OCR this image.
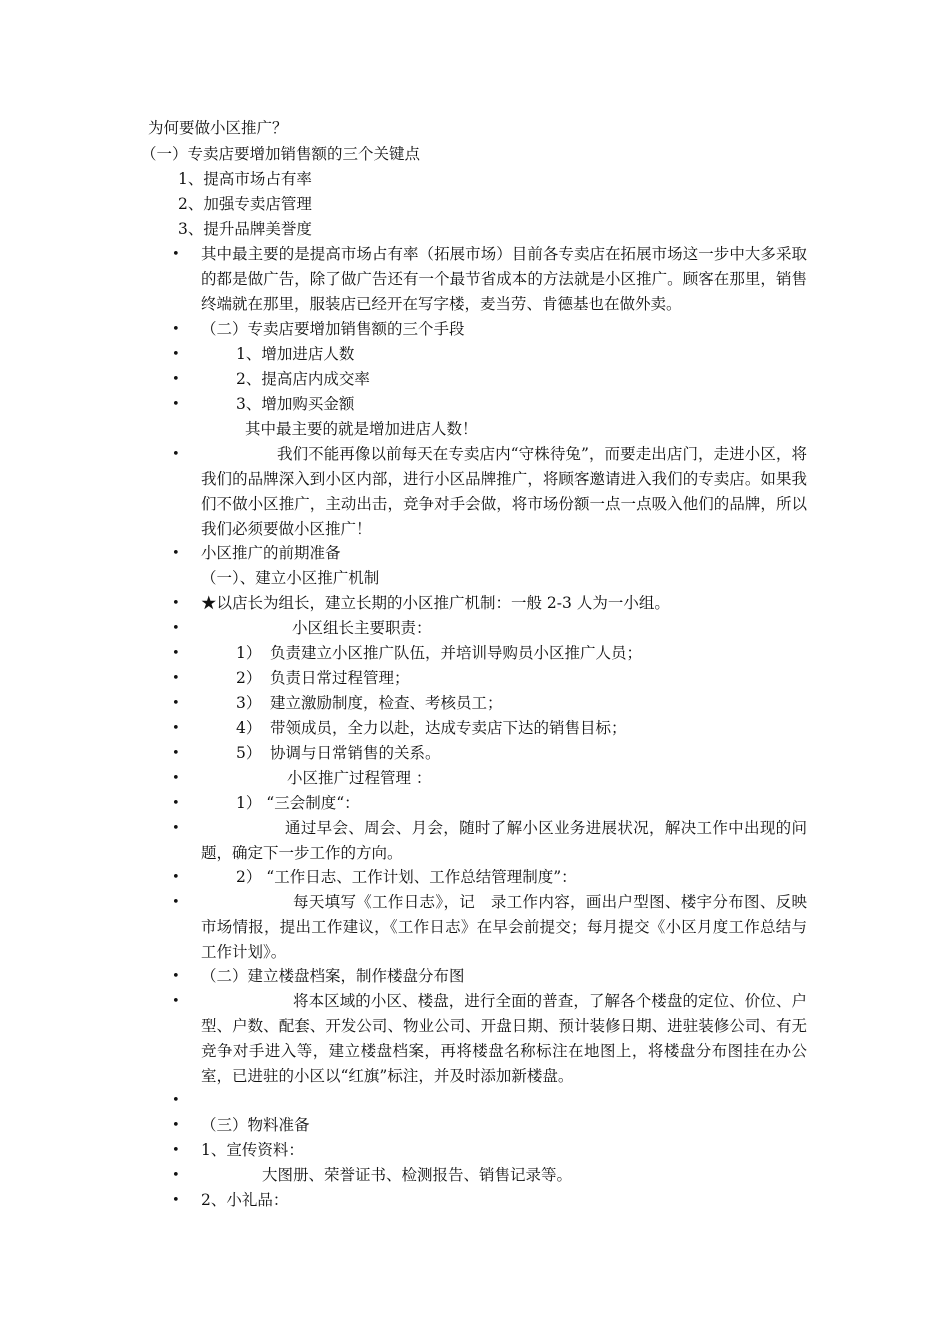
为何要做小区推广？
（一）专卖店要增加销售额的三个关键点
1、提高市场占有率
2、加强专卖店管理
3、提升品牌美誉度
• 其中最主要的是提高市场占有率（拓展市场）目前各专卖店在拓展市场这一步中大多采取的都是做广告，除了做广告还有一个最节省成本的方法就是小区推广。顾客在那里，销售终端就在那里，服装店已经开在写字楼，麦当劳、肯德基也在做外卖。
• （二）专卖店要增加销售额的三个手段
•	1、增加进店人数
•	2、提高店内成交率
•	3、增加购买金额
其中最主要的就是增加进店人数！
•	我们不能再像以前每天在专卖店内“守株待兔”，而要走出店门，走进小区，将我们的品牌深入到小区内部，进行小区品牌推广，将顾客邀请进入我们的专卖店。如果我们不做小区推广，主动出击，竞争对手会做，将市场份额一点一点吸入他们的品牌，所以我们必须要做小区推广！
• 小区推广的前期准备
（一）、建立小区推广机制
• ★以店长为组长，建立长期的小区推广机制：一般 2-3 人为一小组。
•	小区组长主要职责：
•	1） 负责建立小区推广队伍，并培训导购员小区推广人员；
•	2） 负责日常过程管理；
•	3） 建立激励制度，检查、考核员工；
•	4） 带领成员，全力以赴，达成专卖店下达的销售目标；
•	5） 协调与日常销售的关系。
•	小区推广过程管理 ：
•	1） “三会制度“：
•	通过早会、周会、月会，随时了解小区业务进展状况，解决工作中出现的问题，确定下一步工作的方向。
•	2） “工作日志、工作计划、工作总结管理制度”：
•	每天填写《工作日志》，记　录工作内容，画出户型图、楼宇分布图、反映市场情报，提出工作建议，《工作日志》在早会前提交；每月提交《小区月度工作总结与工作计划》。
• （二）建立楼盘档案，制作楼盘分布图
•	将本区域的小区、楼盘，进行全面的普查，了解各个楼盘的定位、价位、户型、户数、配套、开发公司、物业公司、开盘日期、预计装修日期、进驻装修公司、有无竞争对手进入等，建立楼盘档案，再将楼盘名称标注在地图上，将楼盘分布图挂在办公室，已进驻的小区以“红旗”标注，并及时添加新楼盘。
•
• （三）物料准备
• 1、宣传资料：
•	大图册、荣誉证书、检测报告、销售记录等。
• 2、小礼品：
